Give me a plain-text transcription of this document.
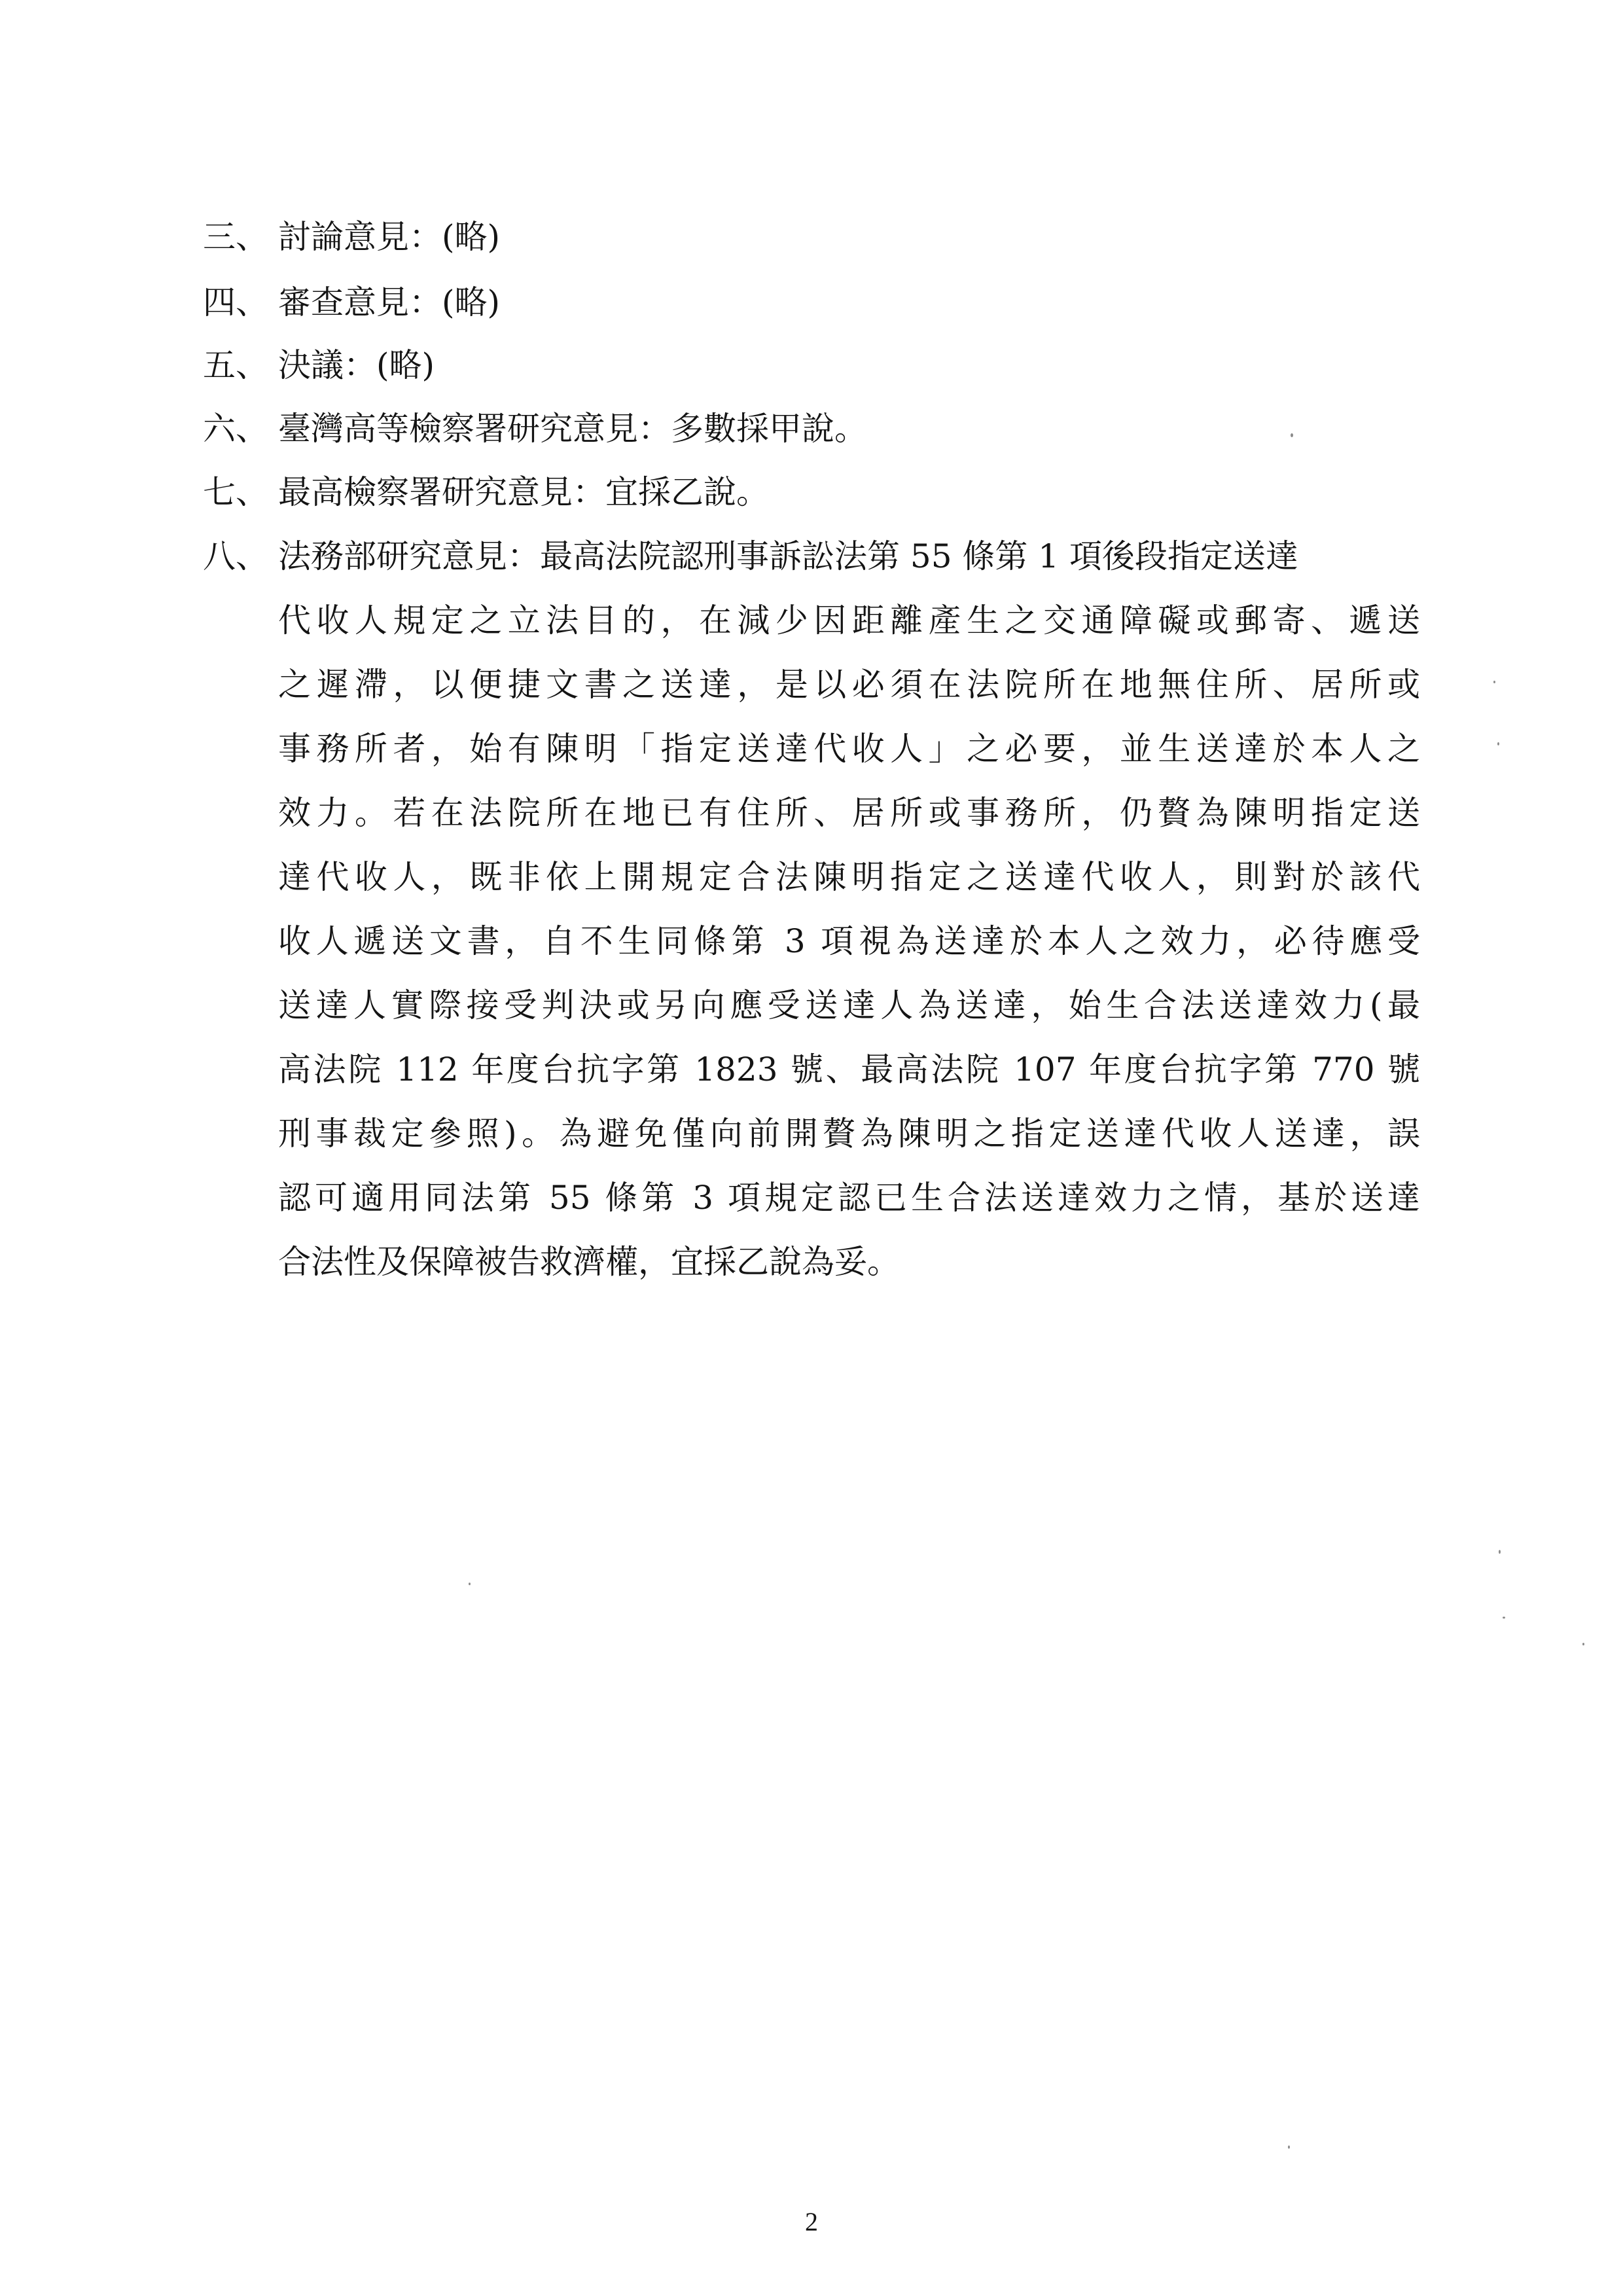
三、 討論意見：(略)
四、 審查意見：(略)
五、 決議：(略)
六、 臺灣高等檢察署研究意見：多數採甲說。
七、 最高檢察署研究意見：宜採乙說。
八、 法務部研究意見：最高法院認刑事訴訟法第 55 條第 1 項後段指定送達
代收人規定之立法目的，在減少因距離產生之交通障礙或郵寄、遞送
之遲滯，以便捷文書之送達，是以必須在法院所在地無住所、居所或
事務所者，始有陳明「指定送達代收人」之必要，並生送達於本人之
效力。若在法院所在地已有住所、居所或事務所，仍贅為陳明指定送
達代收人，既非依上開規定合法陳明指定之送達代收人，則對於該代
收人遞送文書，自不生同條第 3 項視為送達於本人之效力，必待應受
送達人實際接受判決或另向應受送達人為送達，始生合法送達效力(最
高法院 112 年度台抗字第 1823 號、最高法院 107 年度台抗字第 770 號
刑事裁定參照)。為避免僅向前開贅為陳明之指定送達代收人送達，誤
認可適用同法第 55 條第 3 項規定認已生合法送達效力之情，基於送達
合法性及保障被告救濟權，宜採乙說為妥。
2
